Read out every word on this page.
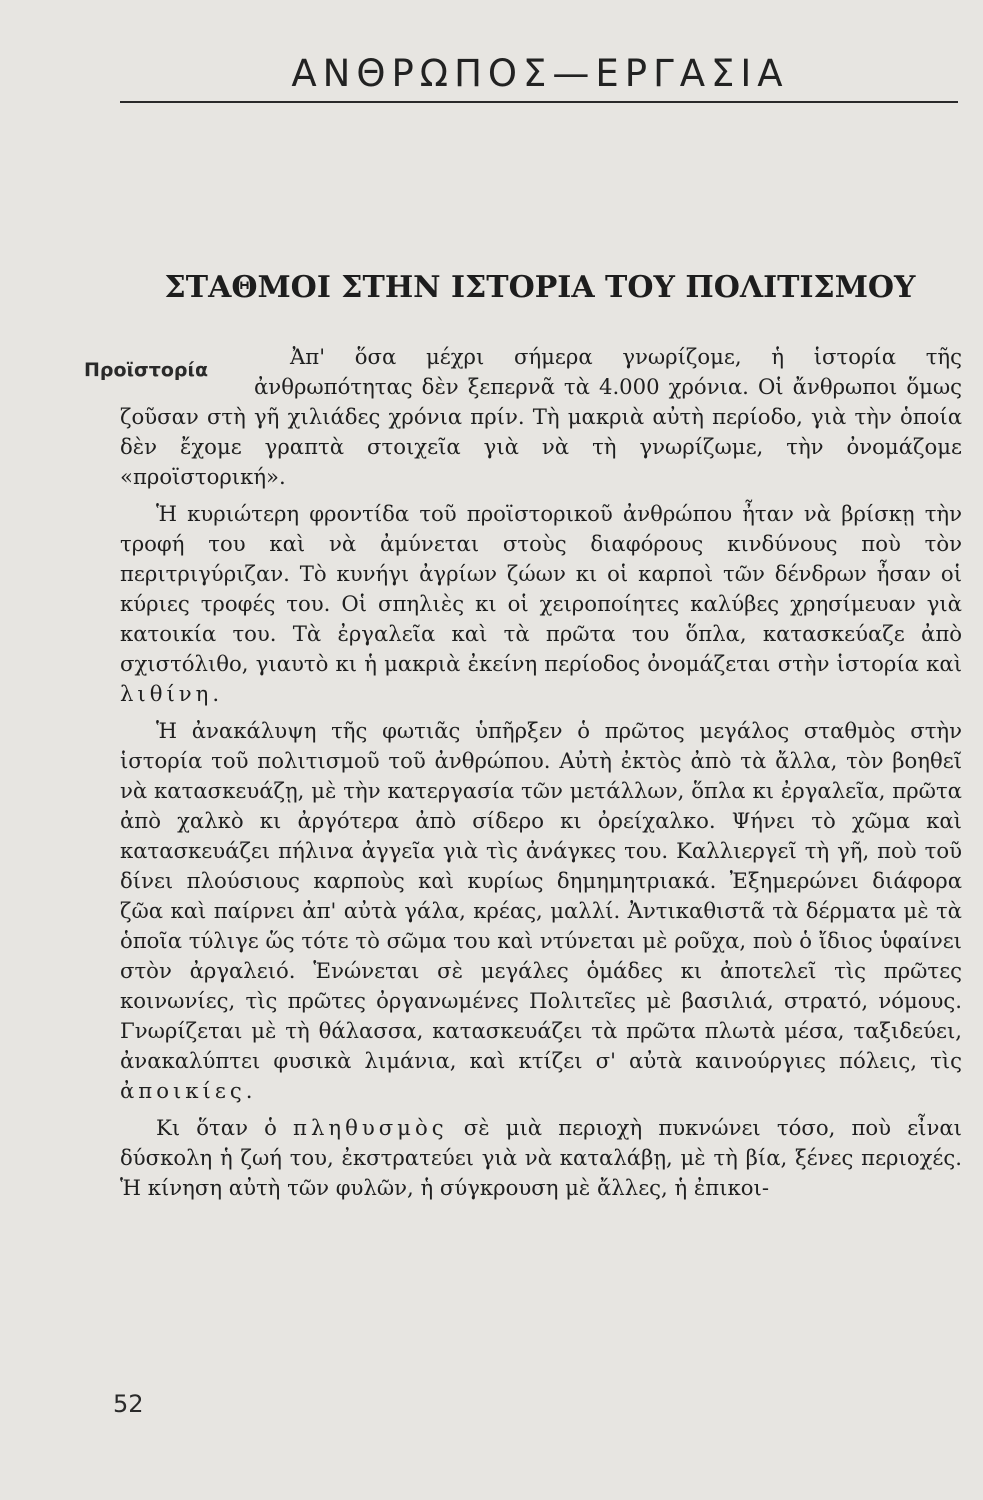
ΑΝΘΡΩΠΟΣ—ΕΡΓΑΣΙΑ
ΣΤΑΘΜΟΙ ΣΤΗΝ ΙΣΤΟΡΙΑ ΤΟΥ ΠΟΛΙΤΙΣΜΟΥ

Προϊστορία
Ἀπ' ὅσα μέχρι σήμερα γνωρίζομε, ἡ ἱστορία τῆς ἀνθρωπότητας δὲν ξεπερνᾶ τὰ 4.000 χρόνια. Οἱ ἄνθρωποι ὅμως ζοῦσαν στὴ γῆ χιλιάδες χρόνια πρίν. Τὴ μακριὰ αὐτὴ περίοδο, γιὰ τὴν ὁποία δὲν ἔχομε γραπτὰ στοιχεῖα γιὰ νὰ τὴ γνωρίζωμε, τὴν ὀνομάζομε «προϊστορική».

Ἡ κυριώτερη φροντίδα τοῦ προϊστορικοῦ ἀνθρώπου ἦταν νὰ βρίσκῃ τὴν τροφή του καὶ νὰ ἀμύνεται στοὺς διαφόρους κινδύνους ποὺ τὸν περιτριγύριζαν. Τὸ κυνήγι ἀγρίων ζώων κι οἱ καρποὶ τῶν δένδρων ἦσαν οἱ κύριες τροφές του. Οἱ σπηλιὲς κι οἱ χειροποίητες καλύβες χρησίμευαν γιὰ κατοικία του. Τὰ ἐργαλεῖα καὶ τὰ πρῶτα του ὅπλα, κατασκεύαζε ἀπὸ σχιστόλιθο, γιαυτὸ κι ἡ μακριὰ ἐκείνη περίοδος ὀνομάζεται στὴν ἱστορία καὶ λιθίνη.

Ἡ ἀνακάλυψη τῆς φωτιᾶς ὑπῆρξεν ὁ πρῶτος μεγάλος σταθμὸς στὴν ἱστορία τοῦ πολιτισμοῦ τοῦ ἀνθρώπου. Αὐτὴ ἐκτὸς ἀπὸ τὰ ἄλλα, τὸν βοηθεῖ νὰ κατασκευάζῃ, μὲ τὴν κατεργασία τῶν μετάλλων, ὅπλα κι ἐργαλεῖα, πρῶτα ἀπὸ χαλκὸ κι ἀργότερα ἀπὸ σίδερο κι ὀρείχαλκο. Ψήνει τὸ χῶμα καὶ κατασκευάζει πήλινα ἀγγεῖα γιὰ τὶς ἀνάγκες του. Καλλιεργεῖ τὴ γῆ, ποὺ τοῦ δίνει πλούσιους καρποὺς καὶ κυρίως δημημητριακά. Ἐξημερώνει διάφορα ζῶα καὶ παίρνει ἀπ' αὐτὰ γάλα, κρέας, μαλλί. Ἀντικαθιστᾶ τὰ δέρματα μὲ τὰ ὁποῖα τύλιγε ὥς τότε τὸ σῶμα του καὶ ντύνεται μὲ ροῦχα, ποὺ ὁ ἴδιος ὑφαίνει στὸν ἀργαλειό. Ἑνώνεται σὲ μεγάλες ὁμάδες κι ἀποτελεῖ τὶς πρῶτες κοινωνίες, τὶς πρῶτες ὀργανωμένες Πολιτεῖες μὲ βασιλιά, στρατό, νόμους. Γνωρίζεται μὲ τὴ θάλασσα, κατασκευάζει τὰ πρῶτα πλωτὰ μέσα, ταξιδεύει, ἀνακαλύπτει φυσικὰ λιμάνια, καὶ κτίζει σ' αὐτὰ καινούργιες πόλεις, τὶς ἀποικίες.

Κι ὅταν ὁ πληθυσμὸς σὲ μιὰ περιοχὴ πυκνώνει τόσο, ποὺ εἶναι δύσκολη ἡ ζωή του, ἐκστρατεύει γιὰ νὰ καταλάβῃ, μὲ τὴ βία, ξένες περιοχές. Ἡ κίνηση αὐτὴ τῶν φυλῶν, ἡ σύγκρουση μὲ ἄλλες, ἡ ἐπικοι-

52
